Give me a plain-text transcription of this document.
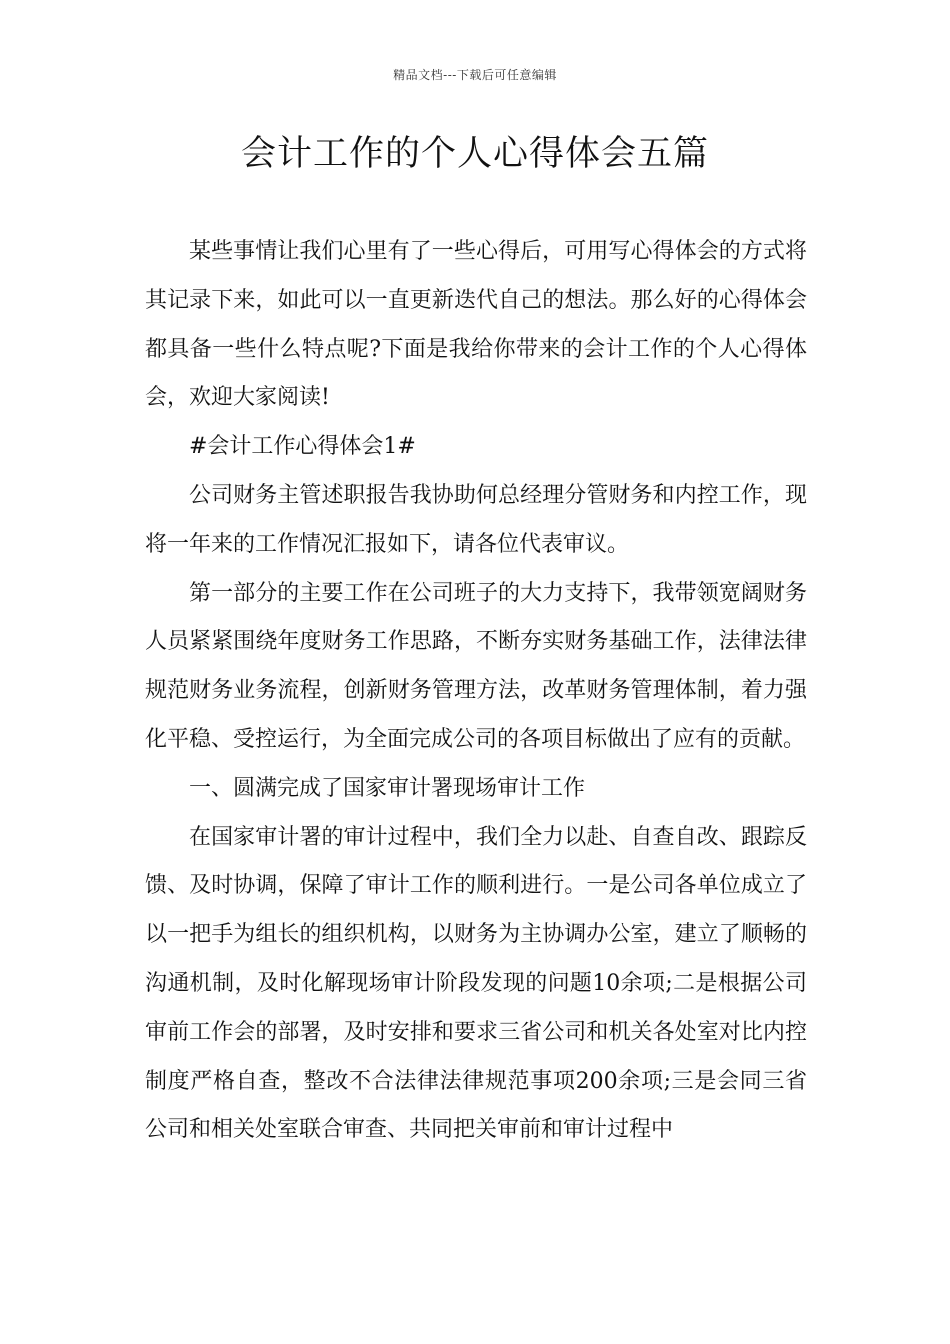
精品文档---下载后可任意编辑
会计工作的个人心得体会五篇

某些事情让我们心里有了一些心得后，可用写心得体会的方式将其记录下来，如此可以一直更新迭代自己的想法。那么好的心得体会都具备一些什么特点呢?下面是我给你带来的会计工作的个人心得体会，欢迎大家阅读!

#会计工作心得体会1#

公司财务主管述职报告我协助何总经理分管财务和内控工作，现将一年来的工作情况汇报如下，请各位代表审议。

第一部分的主要工作在公司班子的大力支持下，我带领宽阔财务人员紧紧围绕年度财务工作思路，不断夯实财务基础工作，法律法律规范财务业务流程，创新财务管理方法，改革财务管理体制，着力强化平稳、受控运行，为全面完成公司的各项目标做出了应有的贡献。

一、圆满完成了国家审计署现场审计工作

在国家审计署的审计过程中，我们全力以赴、自查自改、跟踪反馈、及时协调，保障了审计工作的顺利进行。一是公司各单位成立了以一把手为组长的组织机构，以财务为主协调办公室，建立了顺畅的沟通机制，及时化解现场审计阶段发现的问题10余项;二是根据公司审前工作会的部署，及时安排和要求三省公司和机关各处室对比内控制度严格自查，整改不合法律法律规范事项200余项;三是会同三省公司和相关处室联合审查、共同把关审前和审计过程中
